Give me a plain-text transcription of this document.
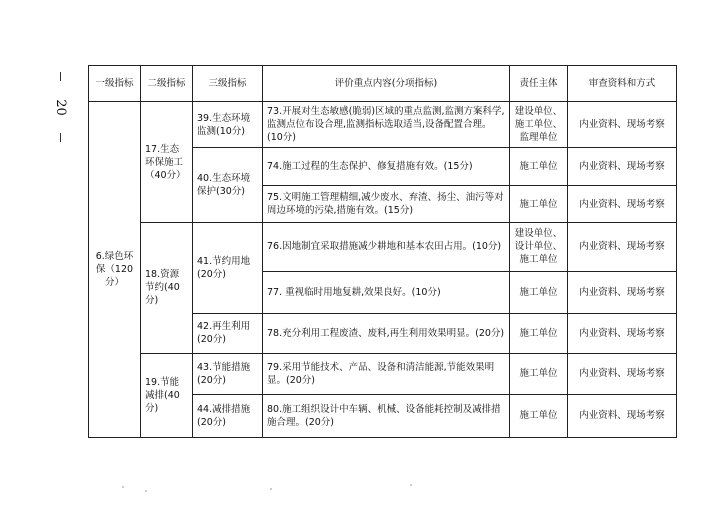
20
一级指标	二级指标	三级指标	评价重点内容(分项指标)	责任主体	审查资料和方式
6.绿色环保（120分）	17.生态环保施工（40分）	39.生态环境监测(10分)	73.开展对生态敏感(脆弱)区域的重点监测,监测方案科学,监测点位布设合理,监测指标选取适当,设备配置合理。(10分)	建设单位、施工单位、监理单位	内业资料、现场考察
		40.生态环境保护(30分)	74.施工过程的生态保护、修复措施有效。(15分)	施工单位	内业资料、现场考察
			75.文明施工管理精细,减少废水、弃渣、扬尘、油污等对周边环境的污染,措施有效。(15分)	施工单位	内业资料、现场考察
	18.资源节约(40分)	41.节约用地(20分)	76.因地制宜采取措施减少耕地和基本农田占用。(10分)	建设单位、设计单位、施工单位	内业资料、现场考察
			77. 重视临时用地复耕,效果良好。(10分)	施工单位	内业资料、现场考察
		42.再生利用(20分)	78.充分利用工程废渣、废料,再生利用效果明显。(20分)	施工单位	内业资料、现场考察
	19.节能减排(40分)	43.节能措施(20分)	79.采用节能技术、产品、设备和清洁能源,节能效果明显。(20分)	施工单位	内业资料、现场考察
		44.减排措施(20分)	80.施工组织设计中车辆、机械、设备能耗控制及减排措施合理。(20分)	施工单位	内业资料、现场考察
